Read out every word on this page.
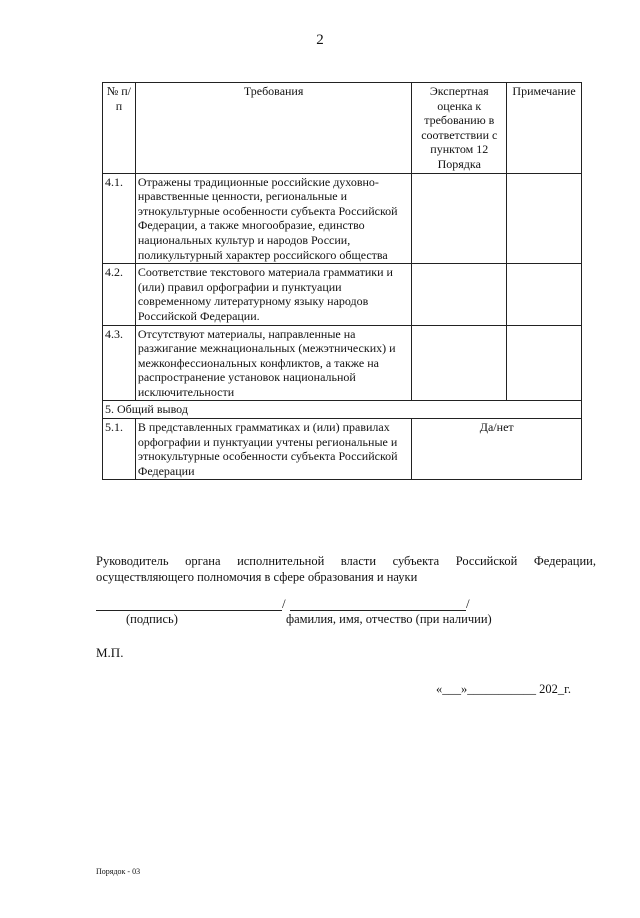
2
№ п/п	Требования	Экспертная оценка к требованию в соответствии с пунктом 12 Порядка	Примечание
4.1.	Отражены традиционные российские духовно-нравственные ценности, региональные и этнокультурные особенности субъекта Российской Федерации, а также многообразие, единство национальных культур и народов России, поликультурный характер российского общества		
4.2.	Соответствие текстового материала грамматики и (или) правил орфографии и пунктуации современному литературному языку народов Российской Федерации.		
4.3.	Отсутствуют материалы, направленные на разжигание межнациональных (межэтнических) и межконфессиональных конфликтов, а также на распространение установок национальной исключительности		
5. Общий вывод			
5.1.	В представленных грамматиках и (или) правилах орфографии и пунктуации учтены региональные и этнокультурные особенности субъекта Российской Федерации	Да/нет	
Руководитель органа исполнительной власти субъекта Российской Федерации,
осуществляющего полномочия в сфере образования и науки
/	/
(подпись)	фамилия, имя, отчество (при наличии)
М.П.
«___»___________ 202_г.
Порядок - 03
